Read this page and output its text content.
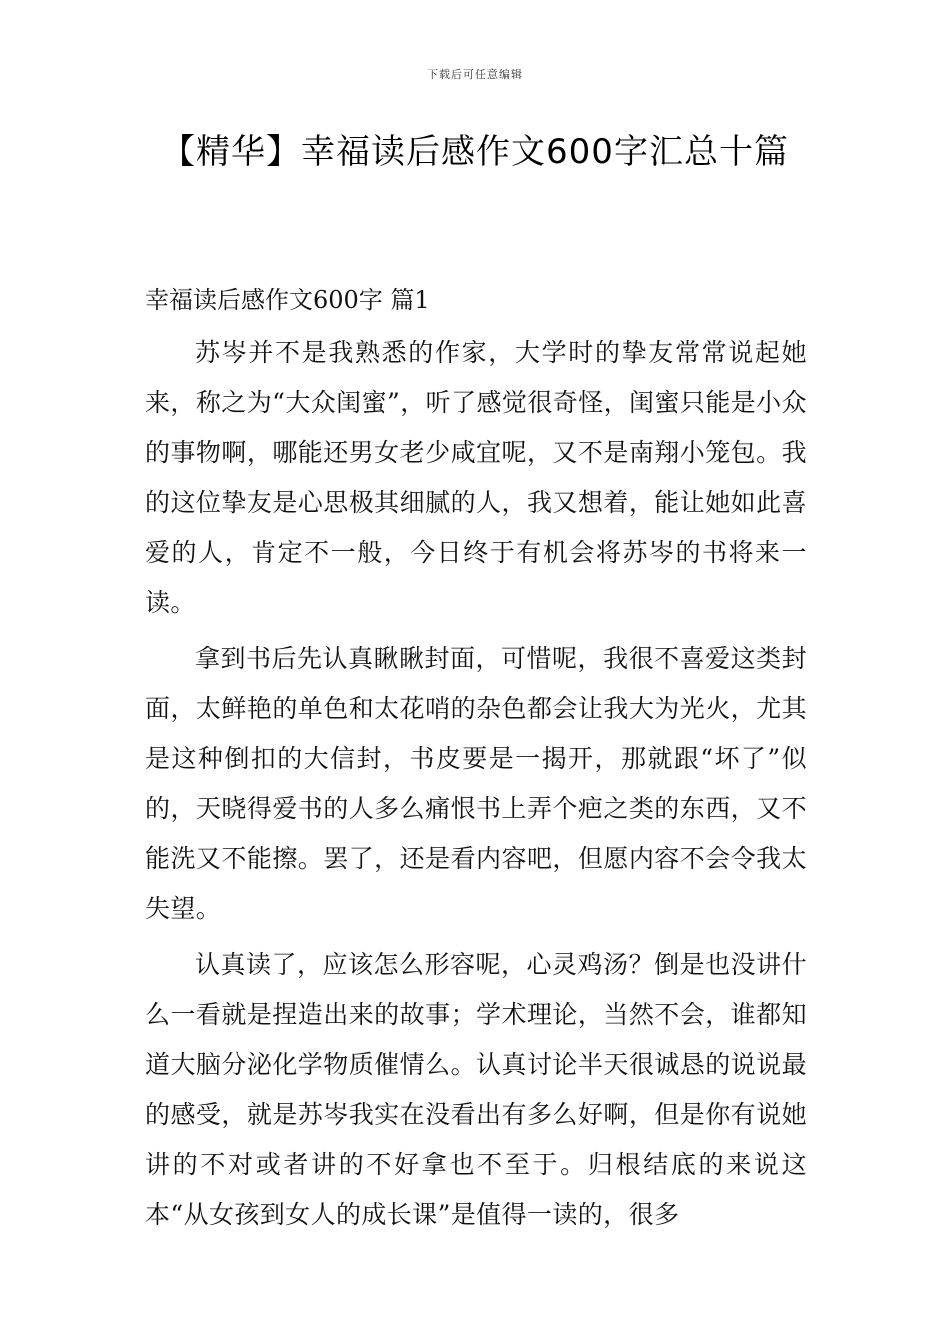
下载后可任意编辑
【精华】幸福读后感作文600字汇总十篇

幸福读后感作文600字 篇1

苏岑并不是我熟悉的作家，大学时的挚友常常说起她来，称之为“大众闺蜜”，听了感觉很奇怪，闺蜜只能是小众的事物啊，哪能还男女老少咸宜呢，又不是南翔小笼包。我的这位挚友是心思极其细腻的人，我又想着，能让她如此喜爱的人，肯定不一般，今日终于有机会将苏岑的书将来一读。

拿到书后先认真瞅瞅封面，可惜呢，我很不喜爱这类封面，太鲜艳的单色和太花哨的杂色都会让我大为光火，尤其是这种倒扣的大信封，书皮要是一揭开，那就跟“坏了”似的，天晓得爱书的人多么痛恨书上弄个疤之类的东西，又不能洗又不能擦。罢了，还是看内容吧，但愿内容不会令我太失望。

认真读了，应该怎么形容呢，心灵鸡汤？倒是也没讲什么一看就是捏造出来的故事；学术理论，当然不会，谁都知道大脑分泌化学物质催情么。认真讨论半天很诚恳的说说最的感受，就是苏岑我实在没看出有多么好啊，但是你有说她讲的不对或者讲的不好拿也不至于。归根结底的来说这本“从女孩到女人的成长课”是值得一读的，很多
